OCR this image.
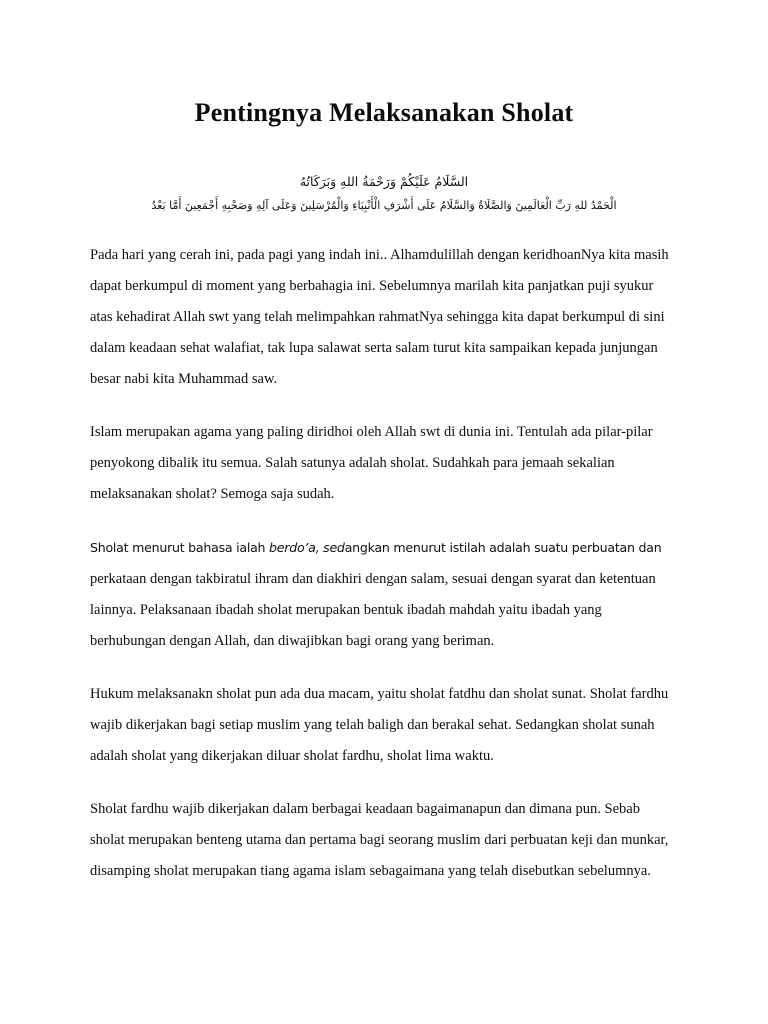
Pentingnya Melaksanakan Sholat
السَّلَامُ عَلَيْكُمْ وَرَحْمَةُ اللهِ وَبَرَكَاتُهُ
الْحَمْدُ للهِ رَبِّ الْعَالَمِينَ وَالصَّلَاةُ وَالسَّلَامُ عَلَى أَشْرَفِ الْأَنْبِيَاءِ وَالْمُرْسَلِينَ وَعَلَى آلِهِ وَصَحْبِهِ أَجْمَعِينَ أَمَّا بَعْدُ

Pada hari yang cerah ini, pada pagi yang indah ini.. Alhamdulillah dengan keridhoanNya kita masih dapat berkumpul di moment yang berbahagia ini. Sebelumnya marilah kita panjatkan puji syukur atas kehadirat Allah swt yang telah melimpahkan rahmatNya sehingga kita dapat berkumpul di sini dalam keadaan sehat walafiat, tak lupa salawat serta salam turut kita sampaikan kepada junjungan besar nabi kita Muhammad saw.

Islam merupakan agama yang paling diridhoi oleh Allah swt di dunia ini. Tentulah ada pilar-pilar penyokong dibalik itu semua. Salah satunya adalah sholat. Sudahkah para jemaah sekalian melaksanakan sholat? Semoga saja sudah.

Sholat menurut bahasa ialah berdo’a, sedangkan menurut istilah adalah suatu perbuatan dan perkataan dengan takbiratul ihram dan diakhiri dengan salam, sesuai dengan syarat dan ketentuan lainnya. Pelaksanaan ibadah sholat merupakan bentuk ibadah mahdah yaitu ibadah yang berhubungan dengan Allah, dan diwajibkan bagi orang yang beriman.

Hukum melaksanakn sholat pun ada dua macam, yaitu sholat fatdhu dan sholat sunat. Sholat fardhu wajib dikerjakan bagi setiap muslim yang telah baligh dan berakal sehat. Sedangkan sholat sunah adalah sholat yang dikerjakan diluar sholat fardhu, sholat lima waktu.

Sholat fardhu wajib dikerjakan dalam berbagai keadaan bagaimanapun dan dimana pun. Sebab sholat merupakan benteng utama dan pertama bagi seorang muslim dari perbuatan keji dan munkar, disamping sholat merupakan tiang agama islam sebagaimana yang telah disebutkan sebelumnya.
